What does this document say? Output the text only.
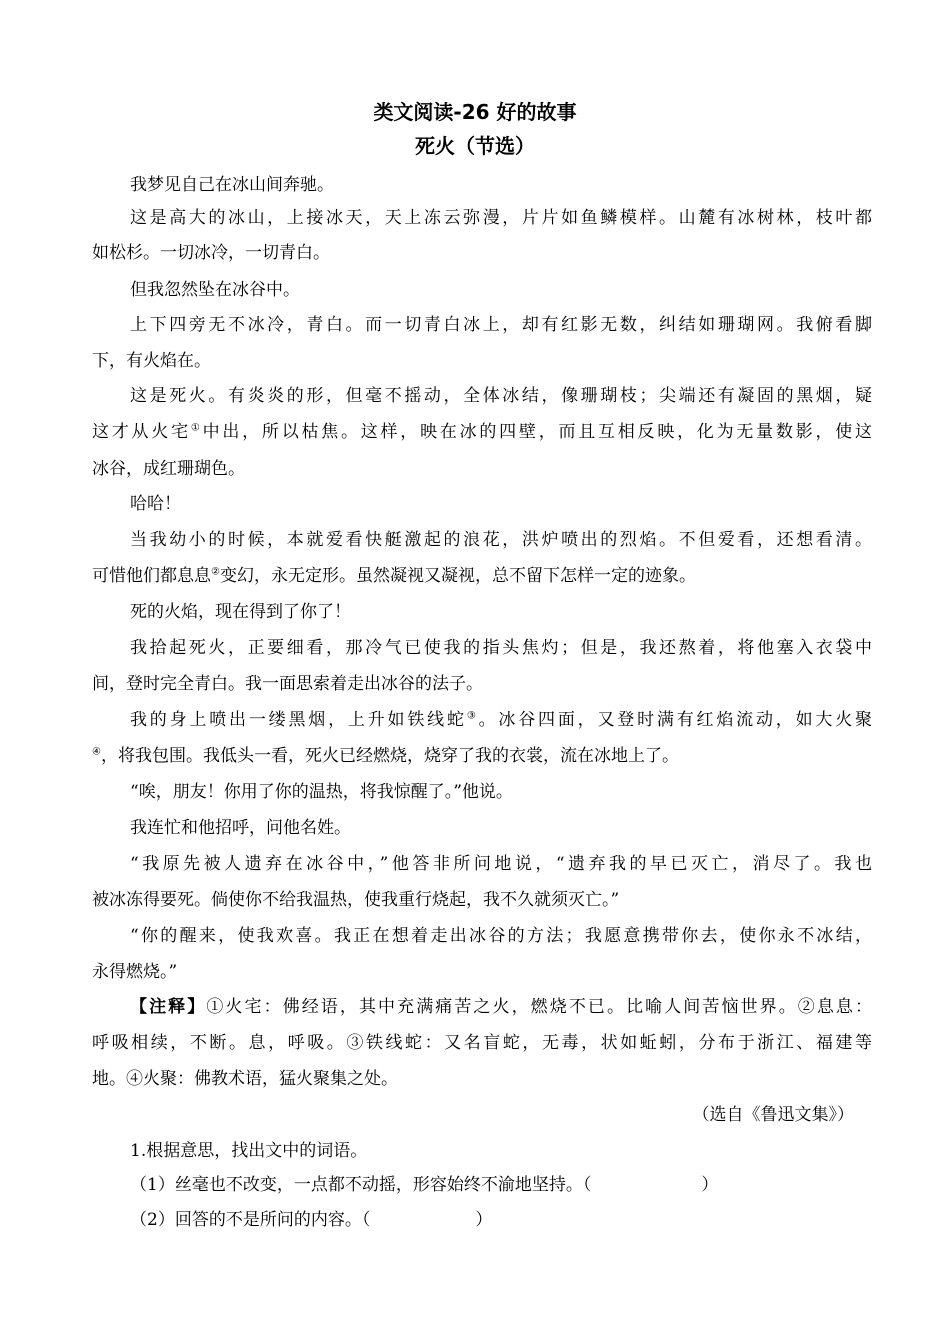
类文阅读-26 好的故事
死火（节选）
我梦见自己在冰山间奔驰。
这是高大的冰山，上接冰天，天上冻云弥漫，片片如鱼鳞模样。山麓有冰树林，枝叶都
如松杉。一切冰冷，一切青白。
但我忽然坠在冰谷中。
上下四旁无不冰冷，青白。而一切青白冰上，却有红影无数，纠结如珊瑚网。我俯看脚
下，有火焰在。
这是死火。有炎炎的形，但毫不摇动，全体冰结，像珊瑚枝；尖端还有凝固的黑烟，疑
这才从火宅①中出，所以枯焦。这样，映在冰的四壁，而且互相反映，化为无量数影，使这
冰谷，成红珊瑚色。
哈哈！
当我幼小的时候，本就爱看快艇激起的浪花，洪炉喷出的烈焰。不但爱看，还想看清。
可惜他们都息息②变幻，永无定形。虽然凝视又凝视，总不留下怎样一定的迹象。
死的火焰，现在得到了你了！
我拾起死火，正要细看，那冷气已使我的指头焦灼；但是，我还熬着，将他塞入衣袋中
间，登时完全青白。我一面思索着走出冰谷的法子。
我的身上喷出一缕黑烟，上升如铁线蛇③。冰谷四面，又登时满有红焰流动，如大火聚
④，将我包围。我低头一看，死火已经燃烧，烧穿了我的衣裳，流在冰地上了。
“唉，朋友！你用了你的温热，将我惊醒了。”他说。
我连忙和他招呼，问他名姓。
“我原先被人遗弃在冰谷中，”他答非所问地说，“遗弃我的早已灭亡，消尽了。我也
被冰冻得要死。倘使你不给我温热，使我重行烧起，我不久就须灭亡。”
“你的醒来，使我欢喜。我正在想着走出冰谷的方法；我愿意携带你去，使你永不冰结，
永得燃烧。”
【注释】①火宅：佛经语，其中充满痛苦之火，燃烧不已。比喻人间苦恼世界。②息息：
呼吸相续，不断。息，呼吸。③铁线蛇：又名盲蛇，无毒，状如蚯蚓，分布于浙江、福建等
地。④火聚：佛教术语，猛火聚集之处。
（选自《鲁迅文集》）
1.根据意思，找出文中的词语。
（1）丝毫也不改变，一点都不动摇，形容始终不渝地坚持。（	）
（2）回答的不是所问的内容。（	）
